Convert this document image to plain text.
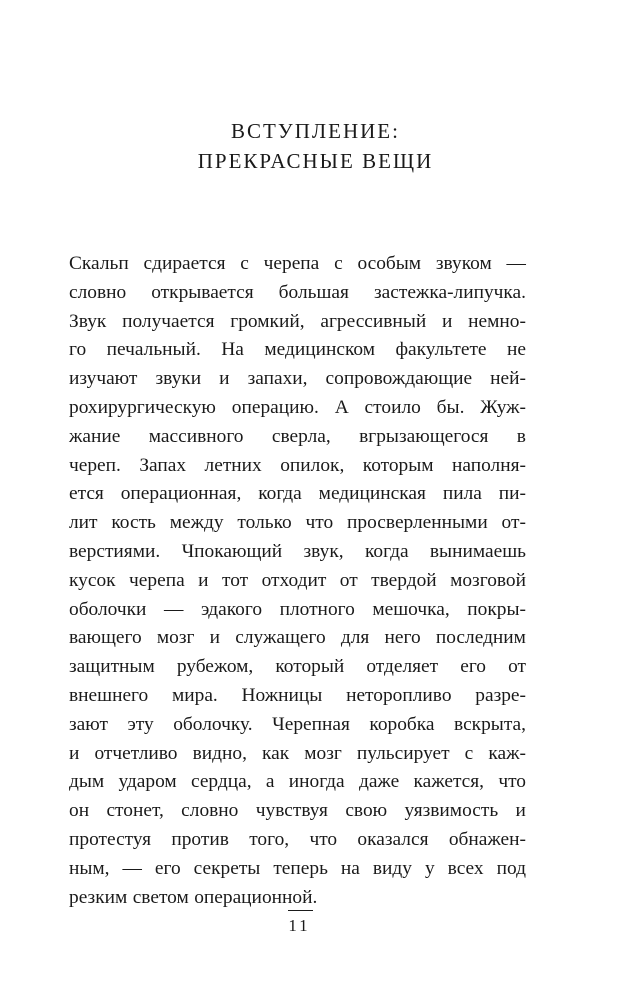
ВСТУПЛЕНИЕ:
ПРЕКРАСНЫЕ ВЕЩИ
Скальп сдирается с черепа с особым звуком —
словно открывается большая застежка-липучка.
Звук получается громкий, агрессивный и немно-
го печальный. На медицинском факультете не
изучают звуки и запахи, сопровождающие ней-
рохирургическую операцию. А стоило бы. Жуж-
жание массивного сверла, вгрызающегося в
череп. Запах летних опилок, которым наполня-
ется операционная, когда медицинская пила пи-
лит кость между только что просверленными от-
верстиями. Чпокающий звук, когда вынимаешь
кусок черепа и тот отходит от твердой мозговой
оболочки — эдакого плотного мешочка, покры-
вающего мозг и служащего для него последним
защитным рубежом, который отделяет его от
внешнего мира. Ножницы неторопливо разре-
зают эту оболочку. Черепная коробка вскрыта,
и отчетливо видно, как мозг пульсирует с каж-
дым ударом сердца, а иногда даже кажется, что
он стонет, словно чувствуя свою уязвимость и
протестуя против того, что оказался обнажен-
ным, — его секреты теперь на виду у всех под
резким светом операционной.
11
